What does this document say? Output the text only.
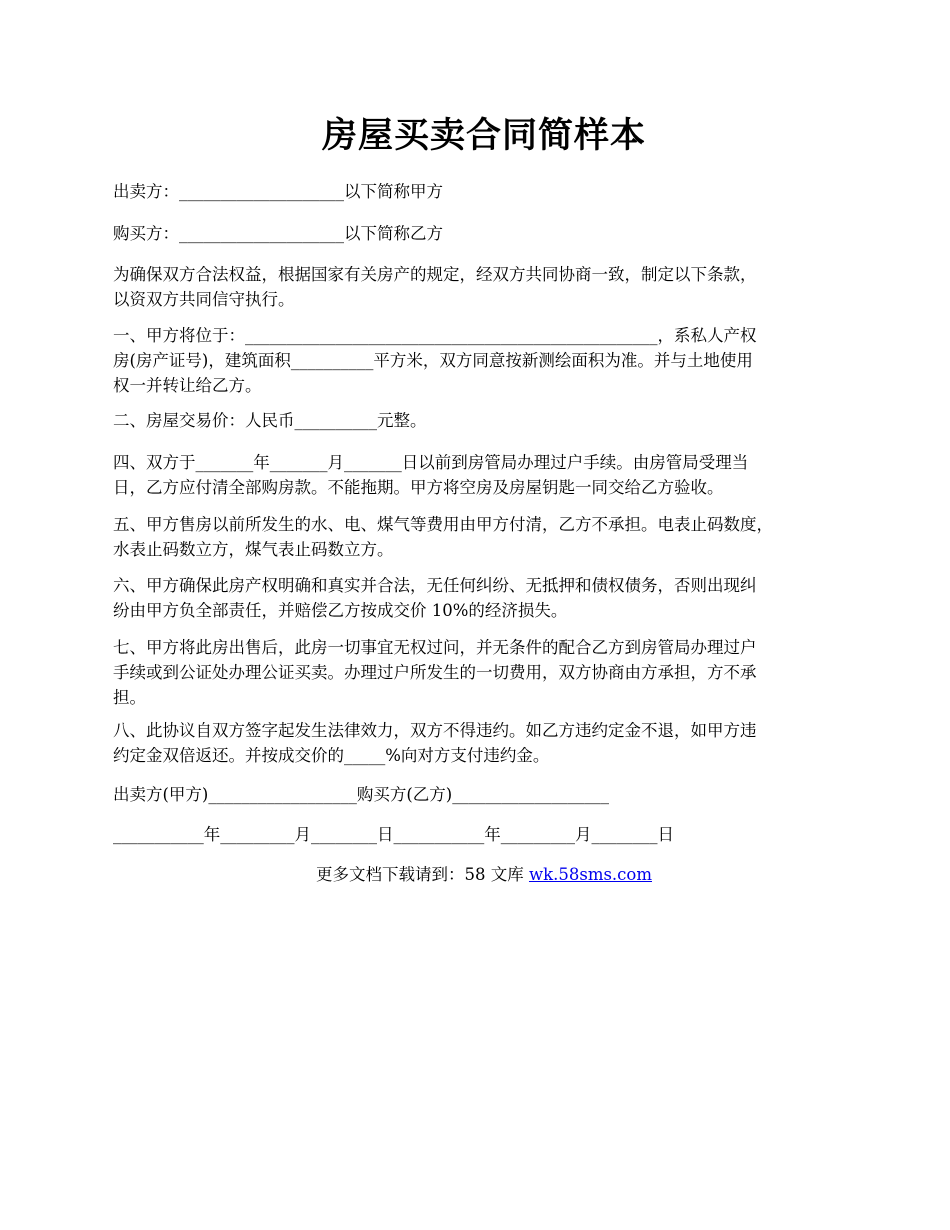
房屋买卖合同简样本
出卖方：____________________以下简称甲方
购买方：____________________以下简称乙方
为确保双方合法权益，根据国家有关房产的规定，经双方共同协商一致，制定以下条款，
以资双方共同信守执行。
一、甲方将位于：__________________________________________________，系私人产权
房(房产证号)，建筑面积__________平方米，双方同意按新测绘面积为准。并与土地使用
权一并转让给乙方。
二、房屋交易价：人民币__________元整。
四、双方于_______年_______月_______日以前到房管局办理过户手续。由房管局受理当
日，乙方应付清全部购房款。不能拖期。甲方将空房及房屋钥匙一同交给乙方验收。
五、甲方售房以前所发生的水、电、煤气等费用由甲方付清，乙方不承担。电表止码数度，
水表止码数立方，煤气表止码数立方。
六、甲方确保此房产权明确和真实并合法，无任何纠纷、无抵押和债权债务，否则出现纠
纷由甲方负全部责任，并赔偿乙方按成交价 10%的经济损失。
七、甲方将此房出售后，此房一切事宜无权过问，并无条件的配合乙方到房管局办理过户
手续或到公证处办理公证买卖。办理过户所发生的一切费用，双方协商由方承担，方不承
担。
八、此协议自双方签字起发生法律效力，双方不得违约。如乙方违约定金不退，如甲方违
约定金双倍返还。并按成交价的_____%向对方支付违约金。
出卖方(甲方)__________________购买方(乙方)___________________
___________年_________月________日___________年_________月________日
更多文档下载请到：58 文库 wk.58sms.com
